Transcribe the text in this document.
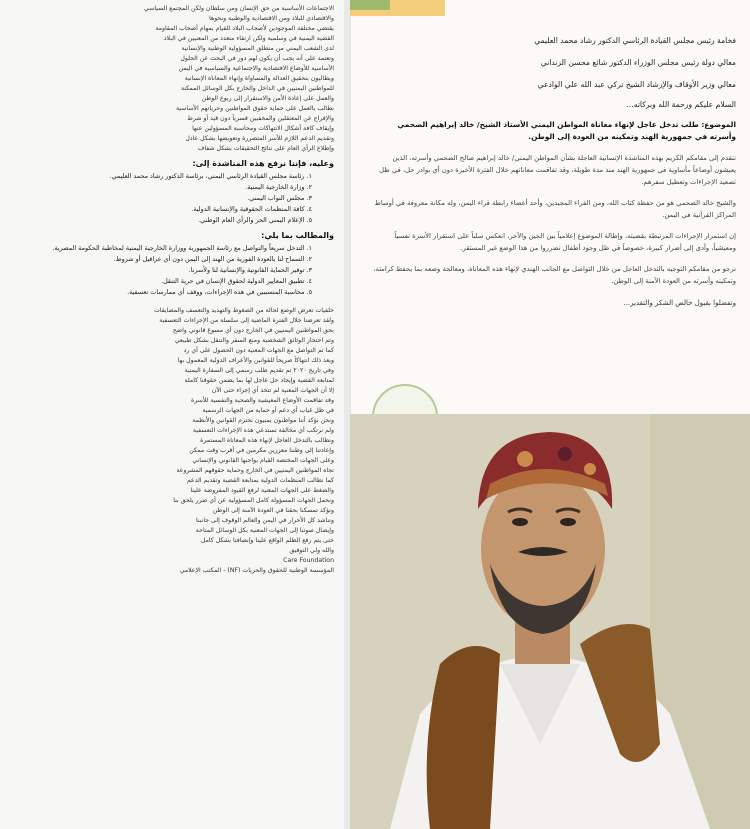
الاجتماعات الأساسية من حق الإنسان ومن سلطان ولكن المجتمع السياسي
والاقتصادي للبلاد ومن الاقتصادية والوطنية ونحوها
يقتضي مختلفة الموجودين لأصحاب البلاد للقيام بمهام أصحاب المقاومة
القضية اليمنية في وسلمية ولكن ارتقاء متعدد من المعنيين في البلاد
لدى الشعب اليمني من منطلق المسؤولية الوطنية والإنسانية
وتعتمد على أنه يجب أن يكون لهم دور في البحث عن الحلول
الأساسية للأوضاع الاقتصادية والاجتماعية والسياسية في اليمن
ويطالبون بتحقيق العدالة والمساواة وإنهاء المعاناة الإنسانية
للمواطنين اليمنيين في الداخل والخارج بكل الوسائل الممكنة
والعمل على إعادة الأمن والاستقرار إلى ربوع الوطن
نطالب بالعمل على حماية حقوق المواطنين وحرياتهم الأساسية
والإفراج عن المعتقلين والمخفيين قسرياً دون قيد أو شرط
وإيقاف كافة أشكال الانتهاكات ومحاسبة المسؤولين عنها
وتقديم الدعم اللازم للأسر المتضررة وتعويضها بشكل عادل
وإطلاع الرأي العام على نتائج التحقيقات بشكل شفاف
وعليه، فإننا نرفع هذه المناشدة إلى:
١. رئاسة مجلس القيادة الرئاسي اليمني، برئاسة الدكتور رشاد محمد العليمي.
٢. وزارة الخارجية اليمنية.
٣. مجلس النواب اليمني.
٤. كافة المنظمات الحقوقية والإنسانية الدولية.
٥. الإعلام اليمني الحر والرأي العام الوطني.
والمطالب بما يلي:
١. التدخل سريعاً والتواصل مع رئاسة الجمهورية ووزارة الخارجية اليمنية لمخاطبة الحكومة المصرية.
٢. السماح لنا بالعودة الفورية من الهند إلى اليمن دون أي عراقيل أو شروط.
٣. توفير الحماية القانونية والإنسانية لنا ولأسرنا.
٤. تطبيق المعايير الدولية لحقوق الإنسان في حرية التنقل.
٥. محاسبة المتسببين في هذه الإجراءات، ووقف أي ممارسات تعسفية.
خلفيات تعرض الوضع لحالة من الضغوط والتهديد والتعسف والمضايقات
ولقد تعرضنا خلال الفترة الماضية إلى سلسلة من الإجراءات التعسفية
بحق المواطنين اليمنيين في الخارج دون أي مسوغ قانوني واضح
وتم احتجاز الوثائق الشخصية ومنع السفر والتنقل بشكل طبيعي
كما تم التواصل مع الجهات المعنية دون الحصول على أي رد
ويعد ذلك انتهاكاً صريحاً للقوانين والأعراف الدولية المعمول بها
وفي تاريخ ٢٠٢٠ تم تقديم طلب رسمي إلى السفارة اليمنية
لمتابعة القضية وإيجاد حل عاجل لها بما يضمن حقوقنا كاملة
إلا أن الجهات المعنية لم تتخذ أي إجراء حتى الآن
وقد تفاقمت الأوضاع المعيشية والصحية والنفسية للأسرة
في ظل غياب أي دعم أو حماية من الجهات الرسمية
ونحن نؤكد أننا مواطنون يمنيون نحترم القوانين والأنظمة
ولم نرتكب أي مخالفة تستدعي هذه الإجراءات التعسفية
ونطالب بالتدخل العاجل لإنهاء هذه المعاناة المستمرة
وإعادتنا إلى وطننا معززين مكرمين في أقرب وقت ممكن
وعلى الجهات المختصة القيام بواجبها القانوني والإنساني
تجاه المواطنين اليمنيين في الخارج وحماية حقوقهم المشروعة
كما نطالب المنظمات الدولية بمتابعة القضية وتقديم الدعم
والضغط على الجهات المعنية لرفع القيود المفروضة علينا
ونحمل الجهات المسؤولة كامل المسؤولية عن أي ضرر يلحق بنا
ونؤكد تمسكنا بحقنا في العودة الآمنة إلى الوطن
ونناشد كل الأحرار في اليمن والعالم الوقوف إلى جانبنا
وإيصال صوتنا إلى الجهات المعنية بكل الوسائل المتاحة
حتى يتم رفع الظلم الواقع علينا وإنصافنا بشكل كامل
والله ولي التوفيق
Care Foundation
المؤسسة الوطنية للحقوق والحريات (NF) - المكتب الإعلامي
فخامة رئيس مجلس القيادة الرئاسي الدكتور رشاد محمد العليمي
معالي دولة رئيس مجلس الوزراء الدكتور شائع محسن الزنداني
معالي وزير الأوقاف والإرشاد الشيخ تركي عبد الله علي الوادعي
السلام عليكم ورحمة الله وبركاته...
الموضوع: طلب تدخل عاجل لإنهاء معاناة المواطن اليمني الأستاذ الشيخ/ خالد إبراهيم الضحمي وأسرته في جمهورية الهند وتمكينه من العودة إلى الوطن.
نتقدم إلى مقامكم الكريم بهذه المناشدة الإنسانية العاجلة بشأن المواطن اليمني/ خالد إبراهيم صالح الضحمي وأسرته، الذين يعيشون أوضاعاً مأساوية في جمهورية الهند منذ مدة طويلة، وقد تفاقمت معاناتهم خلال الفترة الأخيرة دون أي بوادر حل، في ظل تصعيد الإجراءات وتعطيل سفرهم.
والشيخ خالد الضحمي هو من حفظة كتاب الله، ومن القراء المجيدين، وأحد أعضاء رابطة قراء اليمن، وله مكانة معروفة في أوساط المراكز القرآنية في اليمن.
إن استمرار الإجراءات المرتبطة بقضيته، وإطالة الموضوع إعلامياً بين الحين والآخر، انعكس سلباً على استقرار الأسرة نفسياً ومعيشياً، وأدى إلى أضرار كبيرة، خصوصاً في ظل وجود أطفال تضرروا من هذا الوضع غير المستقر.
نرجو من مقامكم التوجيه بالتدخل العاجل من خلال التواصل مع الجانب الهندي لإنهاء هذه المعاناة، ومعالجة وضعه بما يحفظ كرامته، وتمكينه وأسرته من العودة الآمنة إلى الوطن.
وتفضلوا بقبول خالص الشكر والتقدير...
